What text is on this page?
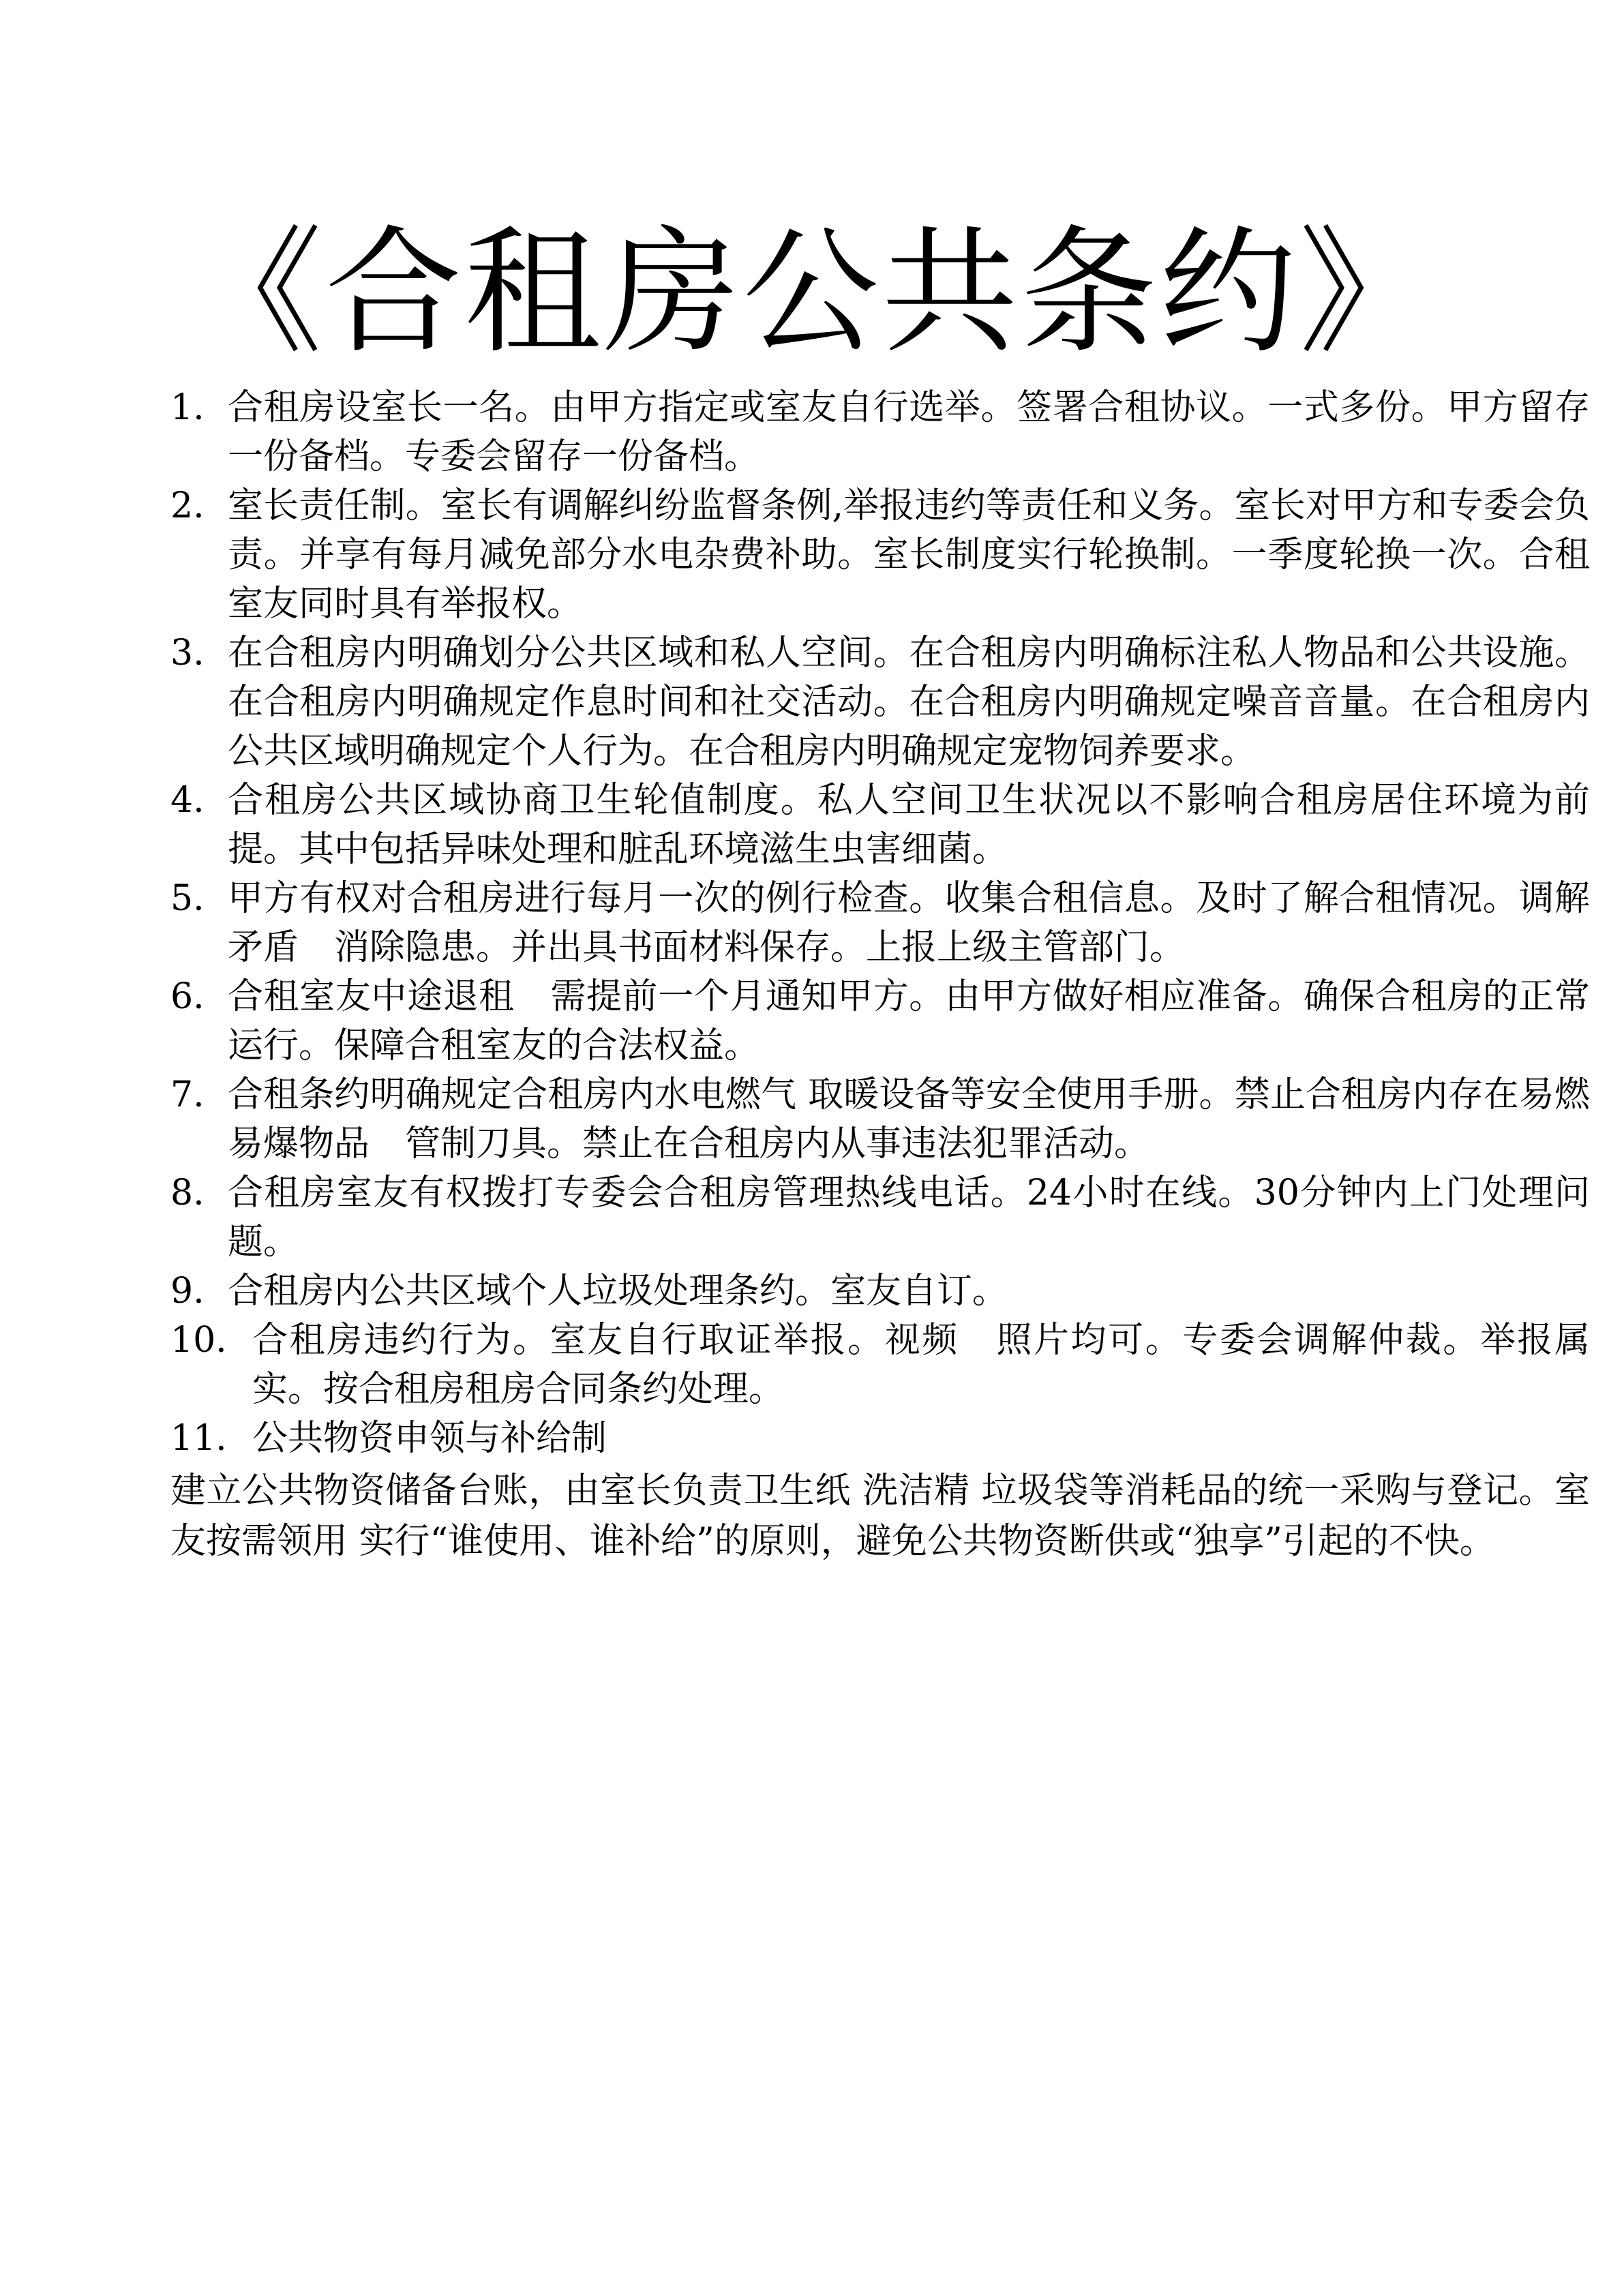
《合租房公共条约》
1. 合租房设室长一名。由甲方指定或室友自行选举。签署合租协议。一式多份。甲方留存一份备档。专委会留存一份备档。
2. 室长责任制。室长有调解纠纷监督条例,举报违约等责任和义务。室长对甲方和专委会负责。并享有每月减免部分水电杂费补助。室长制度实行轮换制。一季度轮换一次。合租室友同时具有举报权。
3. 在合租房内明确划分公共区域和私人空间。在合租房内明确标注私人物品和公共设施。在合租房内明确规定作息时间和社交活动。在合租房内明确规定噪音音量。在合租房内公共区域明确规定个人行为。在合租房内明确规定宠物饲养要求。
4. 合租房公共区域协商卫生轮值制度。私人空间卫生状况以不影响合租房居住环境为前提。其中包括异味处理和脏乱环境滋生虫害细菌。
5. 甲方有权对合租房进行每月一次的例行检查。收集合租信息。及时了解合租情况。调解矛盾　消除隐患。并出具书面材料保存。上报上级主管部门。
6. 合租室友中途退租　需提前一个月通知甲方。由甲方做好相应准备。确保合租房的正常运行。保障合租室友的合法权益。
7. 合租条约明确规定合租房内水电燃气 取暖设备等安全使用手册。禁止合租房内存在易燃易爆物品　管制刀具。禁止在合租房内从事违法犯罪活动。
8. 合租房室友有权拨打专委会合租房管理热线电话。24小时在线。30分钟内上门处理问题。
9. 合租房内公共区域个人垃圾处理条约。室友自订。
10. 合租房违约行为。室友自行取证举报。视频　照片均可。专委会调解仲裁。举报属实。按合租房租房合同条约处理。
11. 公共物资申领与补给制

建立公共物资储备台账，由室长负责卫生纸 洗洁精 垃圾袋等消耗品的统一采购与登记。室友按需领用 实行“谁使用、谁补给”的原则，避免公共物资断供或“独享”引起的不快。
